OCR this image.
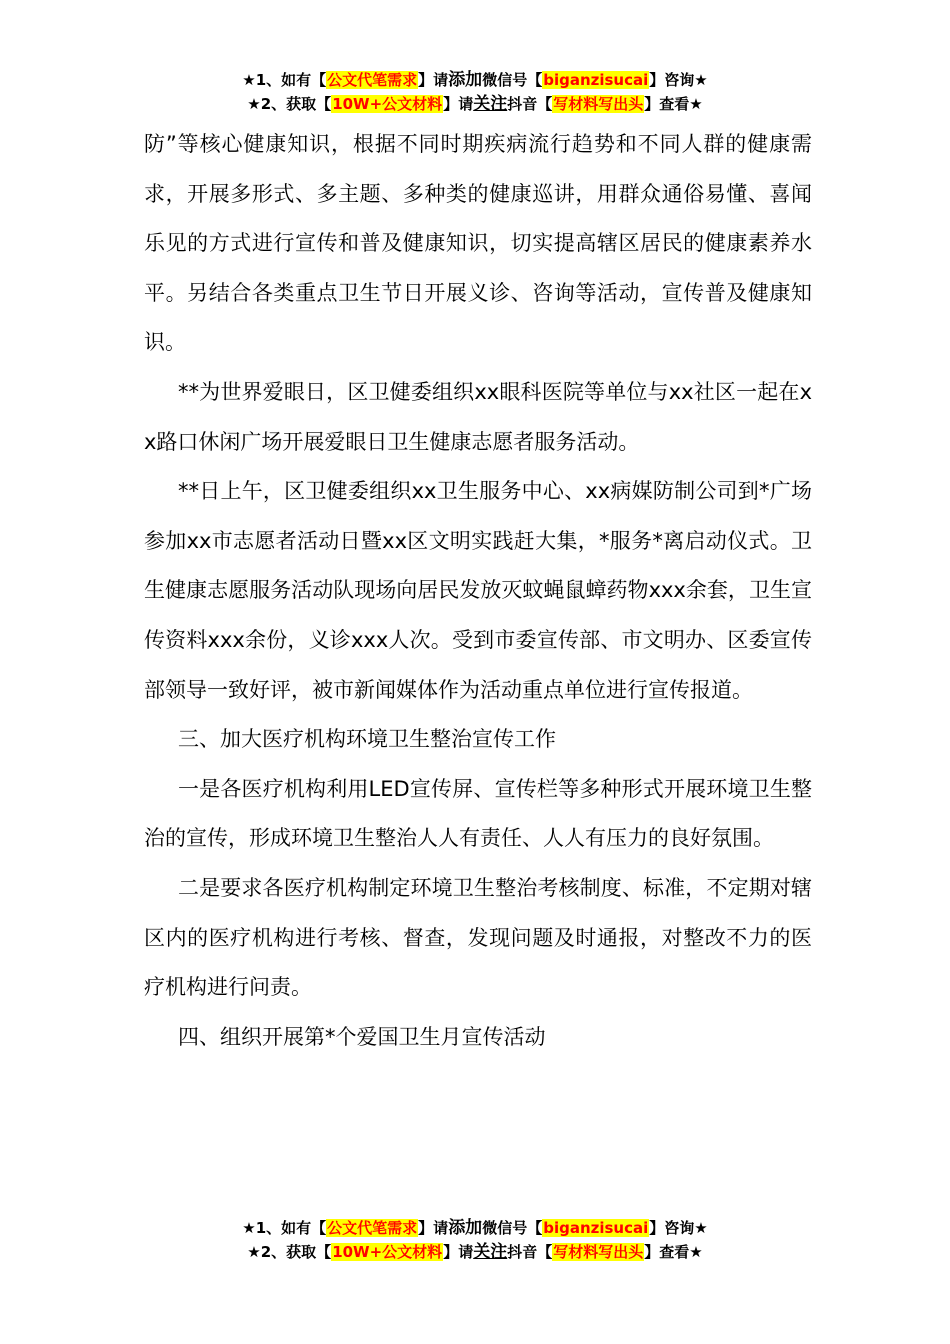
★1、如有【公文代笔需求】请添加微信号【biganzisucai】咨询★
★2、获取【10W+公文材料】请关注抖音【写材料写出头】查看★

防”等核心健康知识，根据不同时期疾病流行趋势和不同人群的健康需求，开展多形式、多主题、多种类的健康巡讲，用群众通俗易懂、喜闻乐见的方式进行宣传和普及健康知识，切实提高辖区居民的健康素养水平。另结合各类重点卫生节日开展义诊、咨询等活动，宣传普及健康知识。

**为世界爱眼日，区卫健委组织xx眼科医院等单位与xx社区一起在xx路口休闲广场开展爱眼日卫生健康志愿者服务活动。

**日上午，区卫健委组织xx卫生服务中心、xx病媒防制公司到*广场参加xx市志愿者活动日暨xx区文明实践赶大集，*服务*离启动仪式。卫生健康志愿服务活动队现场向居民发放灭蚊蝇鼠蟑药物xxx余套，卫生宣传资料xxx余份，义诊xxx人次。受到市委宣传部、市文明办、区委宣传部领导一致好评，被市新闻媒体作为活动重点单位进行宣传报道。

三、加大医疗机构环境卫生整治宣传工作

一是各医疗机构利用LED宣传屏、宣传栏等多种形式开展环境卫生整治的宣传，形成环境卫生整治人人有责任、人人有压力的良好氛围。

二是要求各医疗机构制定环境卫生整治考核制度、标准，不定期对辖区内的医疗机构进行考核、督查，发现问题及时通报，对整改不力的医疗机构进行问责。

四、组织开展第*个爱国卫生月宣传活动

★1、如有【公文代笔需求】请添加微信号【biganzisucai】咨询★
★2、获取【10W+公文材料】请关注抖音【写材料写出头】查看★
